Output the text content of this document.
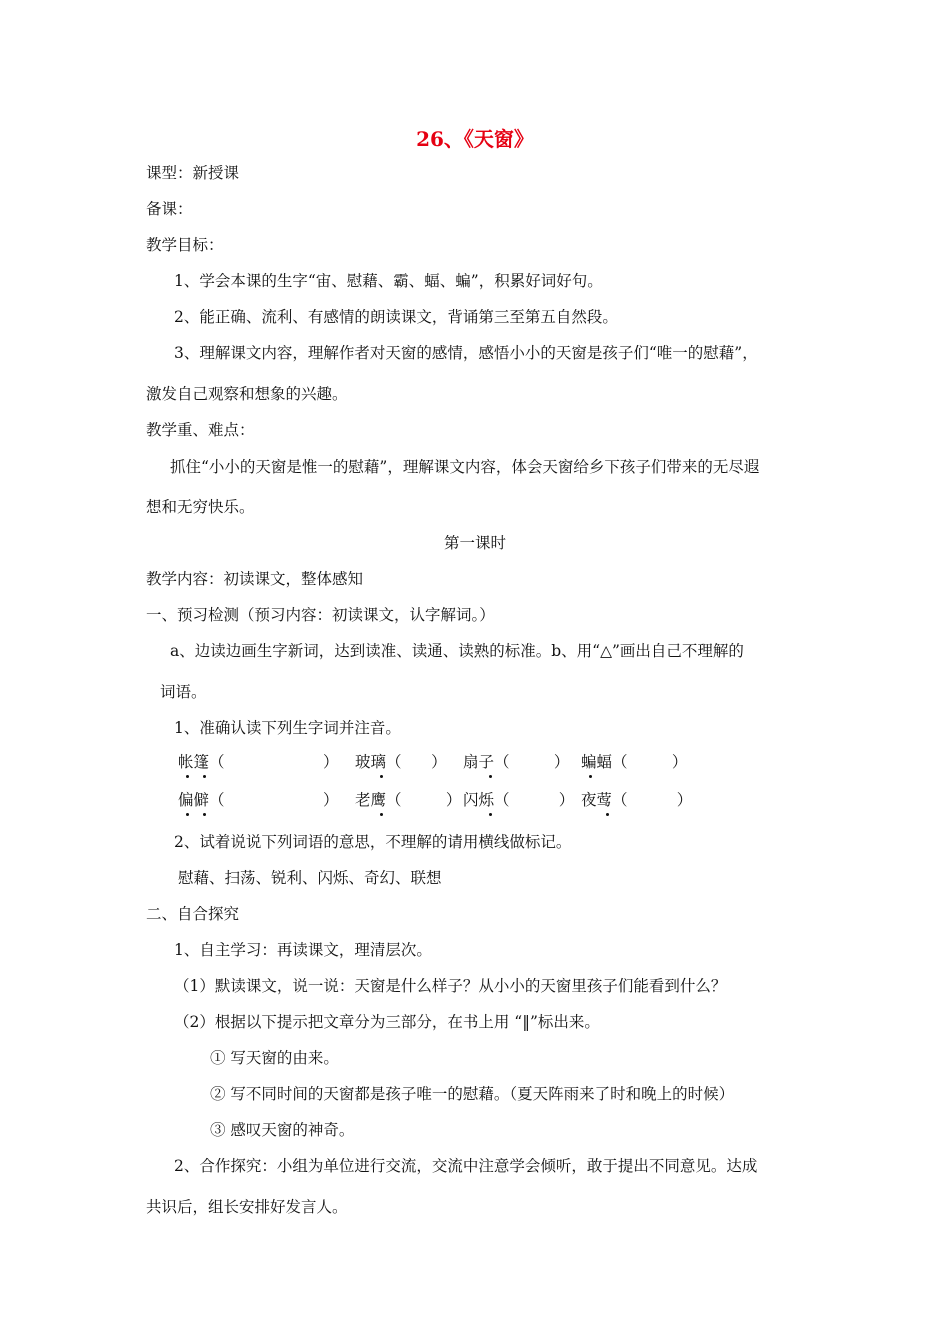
26、《天窗》
课型：新授课
备课：
教学目标：
1、学会本课的生字“宙、慰藉、霸、蝠、蝙”，积累好词好句。
2、能正确、流利、有感情的朗读课文，背诵第三至第五自然段。
3、理解课文内容，理解作者对天窗的感情，感悟小小的天窗是孩子们“唯一的慰藉”，
激发自己观察和想象的兴趣。
教学重、难点：
抓住“小小的天窗是惟一的慰藉”，理解课文内容，体会天窗给乡下孩子们带来的无尽遐
想和无穷快乐。
第一课时
教学内容：初读课文，整体感知
一、预习检测（预习内容：初读课文，认字解词。）
a、边读边画生字新词，达到读准、读通、读熟的标准。b、用“△”画出自己不理解的
词语。
1、准确认读下列生字词并注音。
帐篷（                    ） 玻璃（      ） 扇子（         ） 蝙蝠（         ）
偏僻（                    ） 老鹰（         ） 闪烁（          ） 夜莺（          ）
2、试着说说下列词语的意思，不理解的请用横线做标记。
慰藉、扫荡、锐利、闪烁、奇幻、联想
二、自合探究
1、自主学习：再读课文，理清层次。
（1）默读课文，说一说：天窗是什么样子？从小小的天窗里孩子们能看到什么？
（2）根据以下提示把文章分为三部分，在书上用 “‖”标出来。
① 写天窗的由来。
② 写不同时间的天窗都是孩子唯一的慰藉。（夏天阵雨来了时和晚上的时候）
③ 感叹天窗的神奇。
2、合作探究：小组为单位进行交流，交流中注意学会倾听，敢于提出不同意见。达成
共识后，组长安排好发言人。
